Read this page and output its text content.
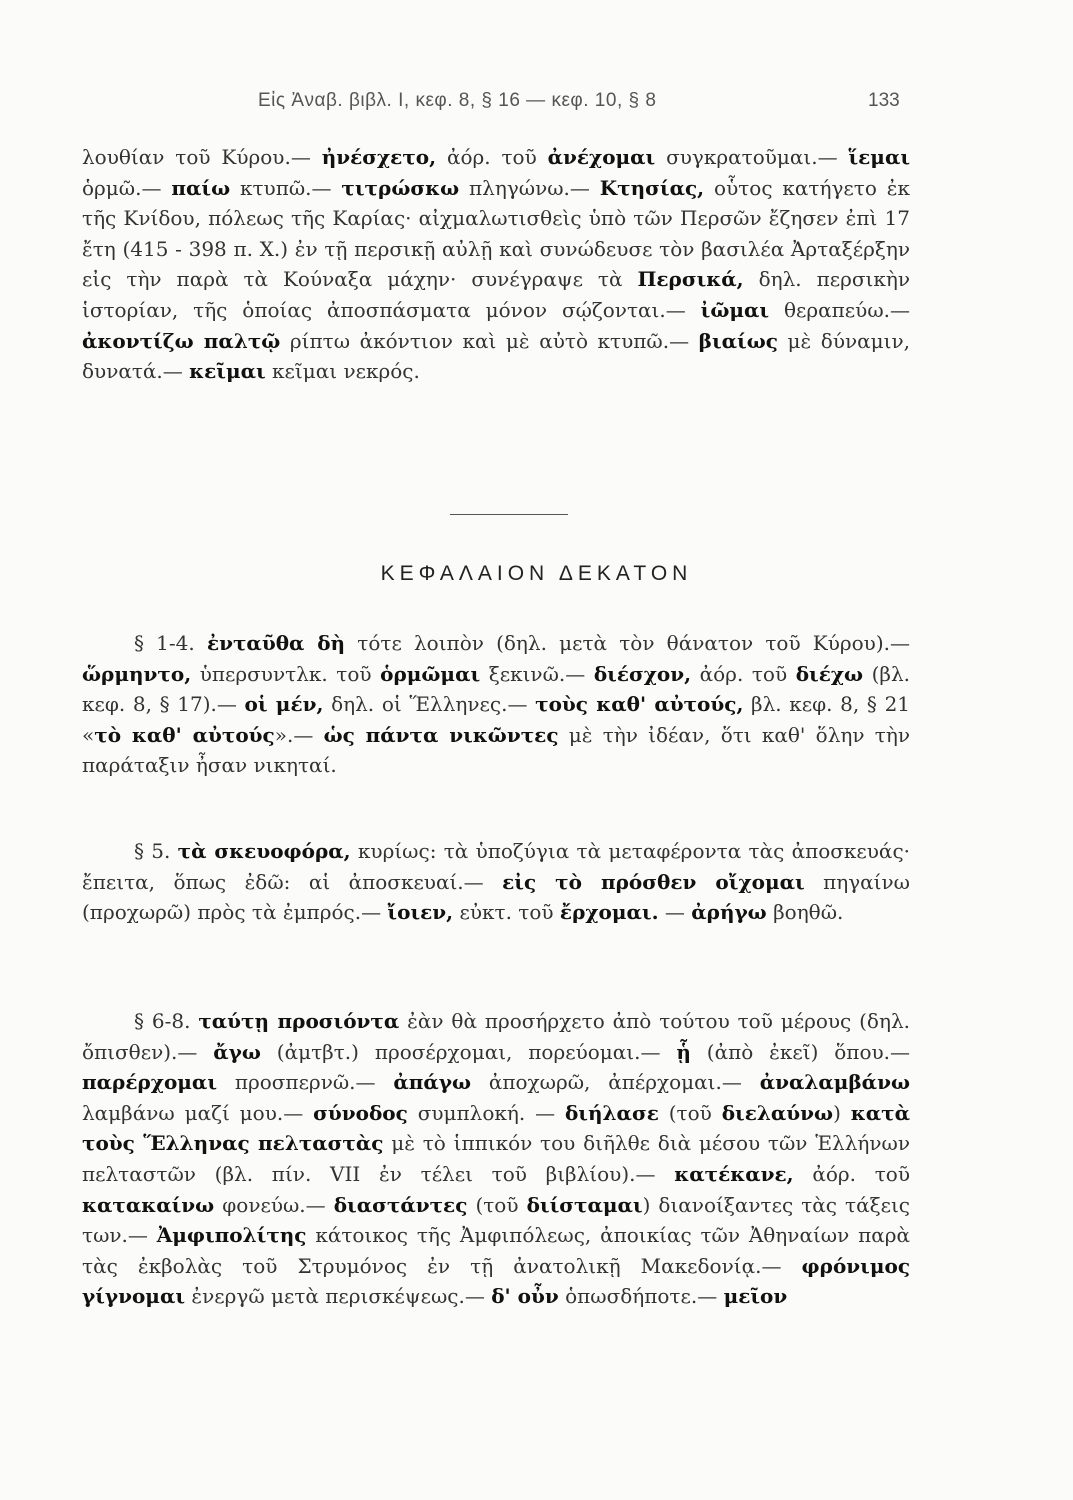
Εἰς Ἀναβ. βιβλ. Ι, κεφ. 8, § 16 — κεφ. 10, § 8	133
λουθίαν τοῦ Κύρου.— ἠνέσχετο, ἀόρ. τοῦ ἀνέχομαι συγκρατοῦμαι.— ἵεμαι ὁρμῶ.— παίω κτυπῶ.— τιτρώσκω πληγώνω.— Κτησίας, οὗτος κατήγετο ἐκ τῆς Κνίδου, πόλεως τῆς Καρίας· αἰχμαλωτισθεὶς ὑπὸ τῶν Περσῶν ἔζησεν ἐπὶ 17 ἔτη (415 - 398 π. Χ.) ἐν τῇ περσικῇ αὐλῇ καὶ συνώδευσε τὸν βασιλέα Ἀρταξέρξην εἰς τὴν παρὰ τὰ Κούναξα μάχην· συνέγραψε τὰ Περσικά, δηλ. περσικὴν ἱστορίαν, τῆς ὁποίας ἀποσπάσματα μόνον σῴζονται.— ἰῶμαι θεραπεύω.— ἀκοντίζω παλτῷ ρίπτω ἀκόντιον καὶ μὲ αὐτὸ κτυπῶ.— βιαίως μὲ δύναμιν, δυνατά.— κεῖμαι κεῖμαι νεκρός.
ΚΕΦΑΛΑΙΟΝ ΔΕΚΑΤΟΝ
§ 1-4. ἐνταῦθα δὴ τότε λοιπὸν (δηλ. μετὰ τὸν θάνατον τοῦ Κύρου).— ὥρμηντο, ὑπερσυντλκ. τοῦ ὁρμῶμαι ξεκινῶ.— διέσχον, ἀόρ. τοῦ διέχω (βλ. κεφ. 8, § 17).— οἱ μέν, δηλ. οἱ Ἕλληνες.— τοὺς καθ' αὐτούς, βλ. κεφ. 8, § 21 «τὸ καθ' αὐτούς».— ὡς πάντα νικῶντες μὲ τὴν ἰδέαν, ὅτι καθ' ὅλην τὴν παράταξιν ἦσαν νικηταί.
§ 5. τὰ σκευοφόρα, κυρίως: τὰ ὑποζύγια τὰ μεταφέροντα τὰς ἀποσκευάς· ἔπειτα, ὅπως ἐδῶ: αἱ ἀποσκευαί.— εἰς τὸ πρόσθεν οἴχομαι πηγαίνω (προχωρῶ) πρὸς τὰ ἐμπρός.— ἴοιεν, εὐκτ. τοῦ ἔρχομαι. — ἀρήγω βοηθῶ.
§ 6-8. ταύτῃ προσιόντα ἐὰν θὰ προσήρχετο ἀπὸ τούτου τοῦ μέρους (δηλ. ὄπισθεν).— ἄγω (ἀμτβτ.) προσέρχομαι, πορεύομαι.— ᾗ (ἀπὸ ἐκεῖ) ὅπου.— παρέρχομαι προσπερνῶ.— ἀπάγω ἀποχωρῶ, ἀπέρχομαι.— ἀναλαμβάνω λαμβάνω μαζί μου.— σύνοδος συμπλοκή. — διήλασε (τοῦ διελαύνω) κατὰ τοὺς Ἕλληνας πελταστὰς μὲ τὸ ἱππικόν του διῆλθε διὰ μέσου τῶν Ἑλλήνων πελταστῶν (βλ. πίν. VII ἐν τέλει τοῦ βιβλίου).— κατέκανε, ἀόρ. τοῦ κατακαίνω φονεύω.— διαστάντες (τοῦ διίσταμαι) διανοίξαντες τὰς τάξεις των.— Ἀμφιπολίτης κάτοικος τῆς Ἀμφιπόλεως, ἀποικίας τῶν Ἀθηναίων παρὰ τὰς ἐκβολὰς τοῦ Στρυμόνος ἐν τῇ ἀνατολικῇ Μακεδονίᾳ.— φρόνιμος γίγνομαι ἐνεργῶ μετὰ περισκέψεως.— δ' οὖν ὁπωσδήποτε.— μεῖον
